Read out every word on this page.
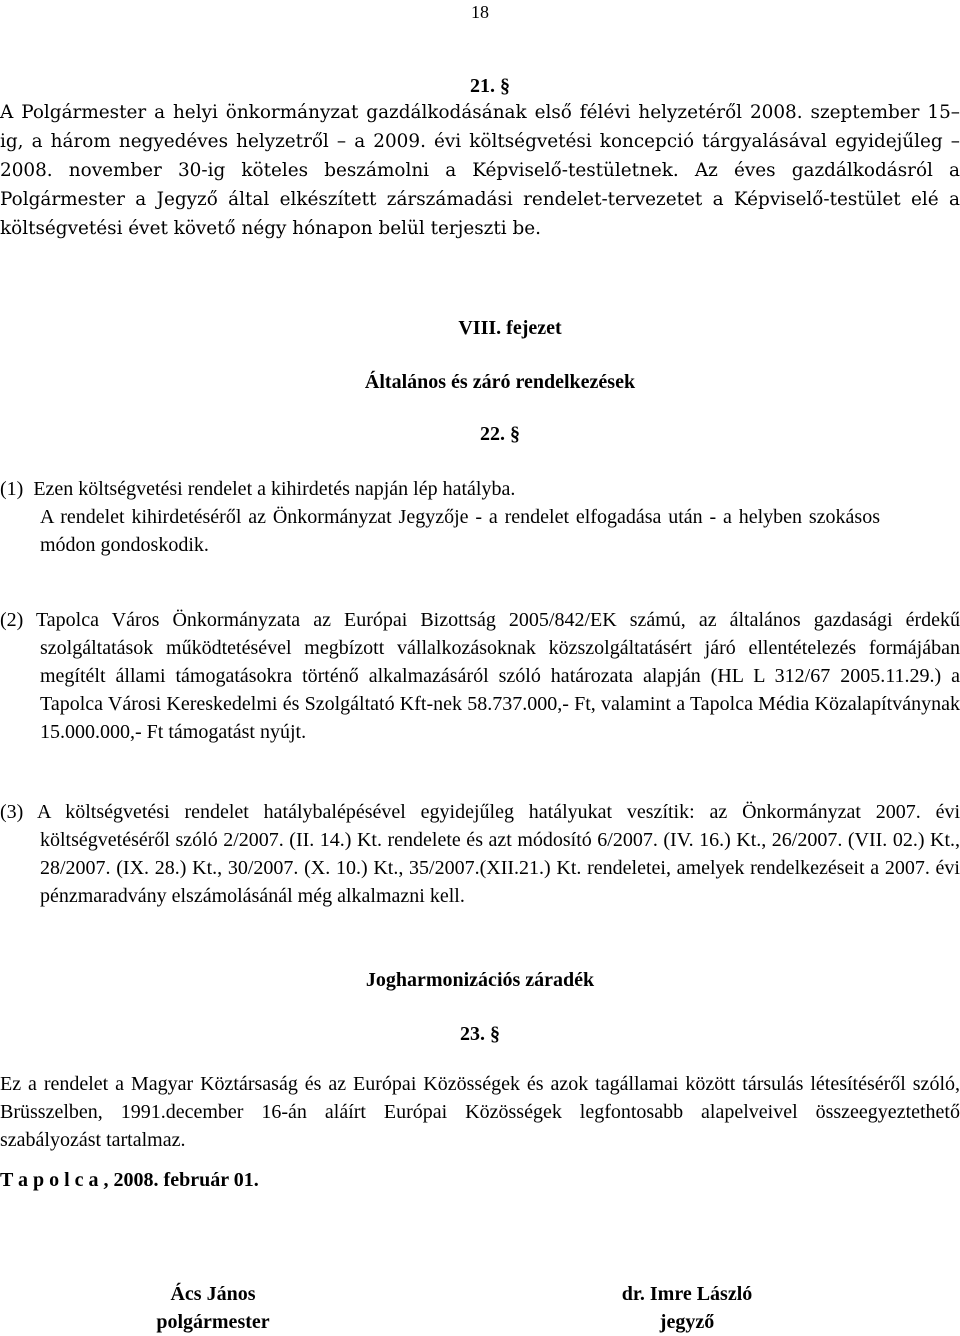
18
21. §
A Polgármester a helyi önkormányzat gazdálkodásának első félévi helyzetéről 2008. szeptember 15–ig, a három negyedéves helyzetről – a 2009. évi költségvetési koncepció tárgyalásával egyidejűleg – 2008. november 30-ig köteles beszámolni a Képviselő-testületnek. Az éves gazdálkodásról a Polgármester a Jegyző által elkészített zárszámadási rendelet-tervezetet a Képviselő-testület elé a költségvetési évet követő négy hónapon belül terjeszti be.
VIII. fejezet
Általános és záró rendelkezések
22. §
(1)  Ezen költségvetési rendelet a kihirdetés napján lép hatályba.
A rendelet kihirdetéséről az Önkormányzat Jegyzője - a rendelet elfogadása után - a helyben szokásos módon gondoskodik.
(2) Tapolca Város Önkormányzata az Európai Bizottság 2005/842/EK számú, az általános gazdasági érdekű szolgáltatások működtetésével megbízott vállalkozásoknak közszolgáltatásért járó ellentételezés formájában megítélt állami támogatásokra történő alkalmazásáról szóló határozata alapján (HL L 312/67 2005.11.29.) a Tapolca Városi Kereskedelmi és Szolgáltató Kft-nek 58.737.000,- Ft, valamint a Tapolca Média Közalapítványnak 15.000.000,- Ft támogatást nyújt.
(3) A költségvetési rendelet hatálybalépésével egyidejűleg hatályukat veszítik: az Önkormányzat 2007. évi költségvetéséről szóló 2/2007. (II. 14.) Kt. rendelete és azt módosító 6/2007. (IV. 16.) Kt., 26/2007. (VII. 02.) Kt., 28/2007. (IX. 28.) Kt., 30/2007. (X. 10.) Kt., 35/2007.(XII.21.) Kt. rendeletei, amelyek rendelkezéseit a 2007. évi pénzmaradvány elszámolásánál még alkalmazni kell.
Jogharmonizációs záradék
23. §
Ez a rendelet a Magyar Köztársaság és az Európai Közösségek és azok tagállamai között társulás létesítéséről szóló, Brüsszelben, 1991.december 16-án aláírt Európai Közösségek legfontosabb alapelveivel összeegyeztethető szabályozást tartalmaz.
T a p o l c a , 2008. február 01.
Ács János
polgármester
dr. Imre László
jegyző
